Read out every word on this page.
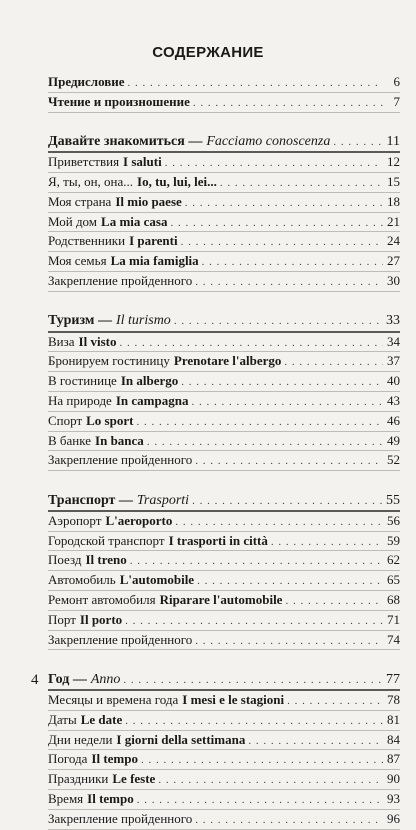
СОДЕРЖАНИЕ
Предисловие . . .	6
Чтение и произношение . . .	7
Давайте знакомиться — Facciamo conoscenza . . .	11
Приветствия I saluti . . .	12
Я, ты, он, она... Io, tu, lui, lei... . . .	15
Моя страна Il mio paese . . .	18
Мой дом La mia casa . . .	21
Родственники I parenti . . .	24
Моя семья La mia famiglia . . .	27
Закрепление пройденного . . .	30
Туризм — Il turismo . . .	33
Виза Il visto . . .	34
Бронируем гостиницу Prenotare l'albergo . . .	37
В гостинице In albergo . . .	40
На природе In campagna . . .	43
Спорт Lo sport . . .	46
В банке In banca . . .	49
Закрепление пройденного . . .	52
Транспорт — Trasporti . . .	55
Аэропорт L'aeroporto . . .	56
Городской транспорт I trasporti in città . . .	59
Поезд Il treno . . .	62
Автомобиль L'automobile . . .	65
Ремонт автомобиля Riparare l'automobile . . .	68
Порт Il porto . . .	71
Закрепление пройденного . . .	74
Год — Anno . . .	77
Месяцы и времена года I mesi e le stagioni . . .	78
Даты Le date . . .	81
Дни недели I giorni della settimana . . .	84
Погода Il tempo . . .	87
Праздники Le feste . . .	90
Время Il tempo . . .	93
Закрепление пройденного . . .	96
4
